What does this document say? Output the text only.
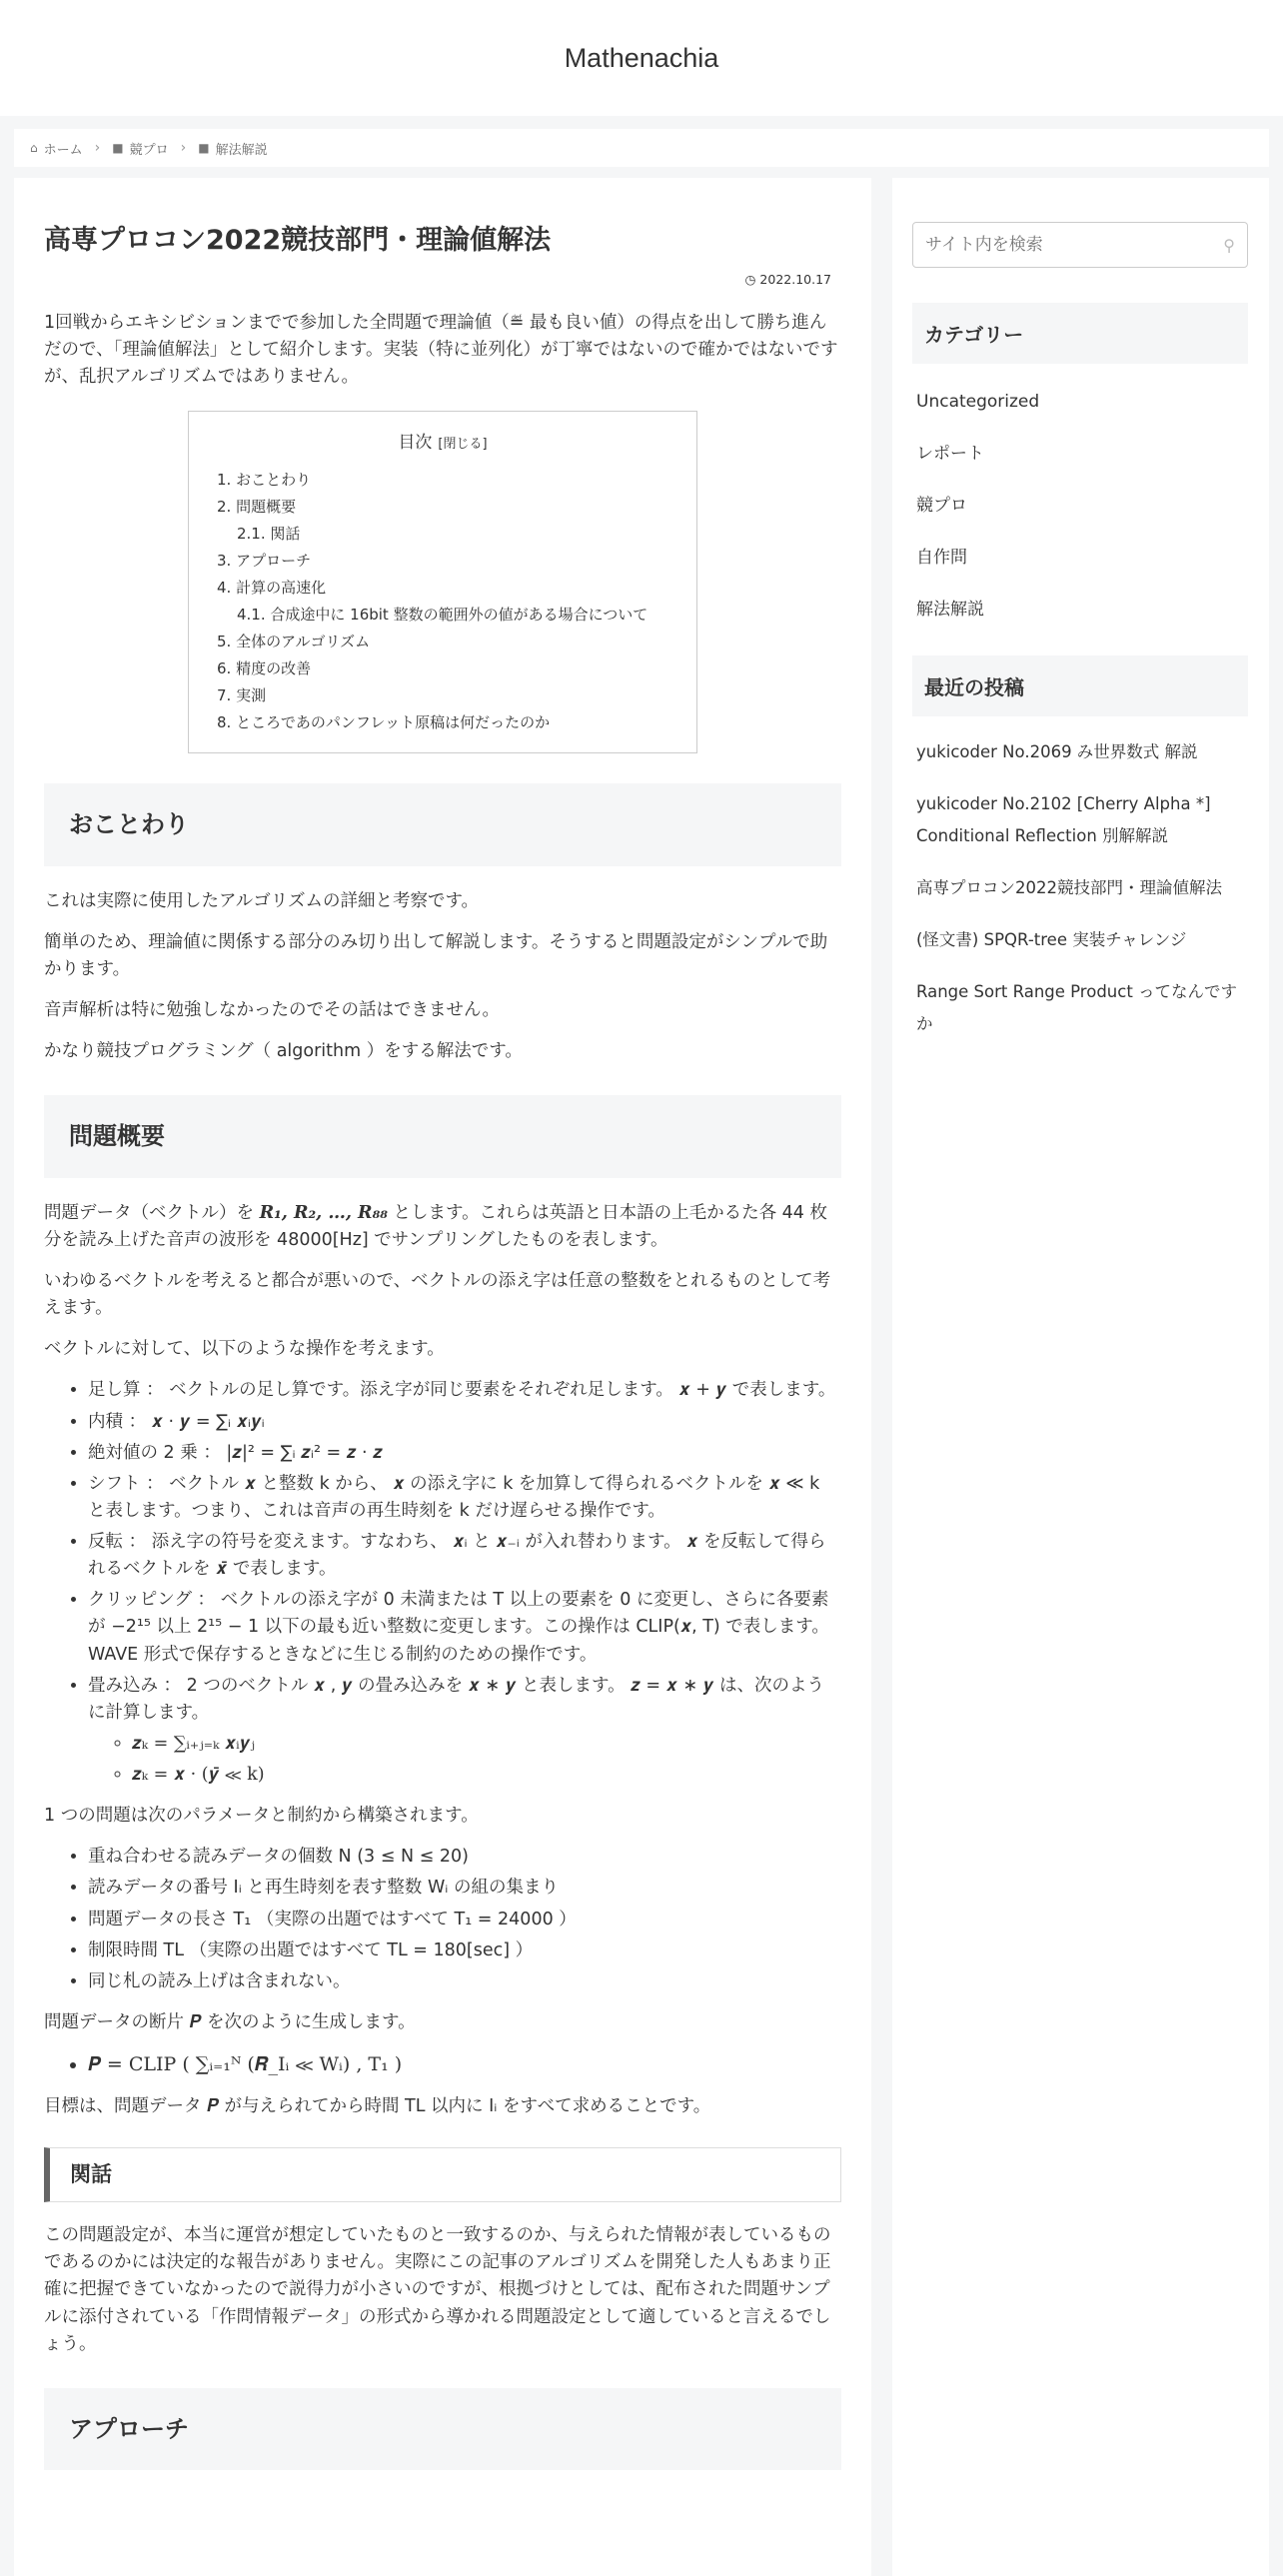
Mathenachia
⌂ ホーム › ■ 競プロ › ■ 解法解説
高専プロコン2022競技部門・理論値解法
◷ 2022.10.17

1回戦からエキシビションまでで参加した全問題で理論値（≝ 最も良い値）の得点を出して勝ち進んだので、「理論値解法」として紹介します。実装（特に並列化）が丁寧ではないので確かではないですが、乱択アルゴリズムではありません。

目次 [閉じる]
1. おことわり
2. 問題概要
2.1. 関話
3. アプローチ
4. 計算の高速化
4.1. 合成途中に 16bit 整数の範囲外の値がある場合について
5. 全体のアルゴリズム
6. 精度の改善
7. 実測
8. ところであのパンフレット原稿は何だったのか
おことわり

これは実際に使用したアルゴリズムの詳細と考察です。

簡単のため、理論値に関係する部分のみ切り出して解説します。そうすると問題設定がシンプルで助かります。

音声解析は特に勉強しなかったのでその話はできません。

かなり競技プログラミング（ algorithm ）をする解法です。

問題概要

問題データ（ベクトル）を R₁, R₂, …, R₈₈ とします。これらは英語と日本語の上毛かるた各 44 枚分を読み上げた音声の波形を 48000[Hz] でサンプリングしたものを表します。

いわゆるベクトルを考えると都合が悪いので、ベクトルの添え字は任意の整数をとれるものとして考えます。

ベクトルに対して、以下のような操作を考えます。

• 足し算 ： ベクトルの足し算です。添え字が同じ要素をそれぞれ足します。 𝒙 + 𝒚 で表します。
• 内積 ： 𝒙 · 𝒚 = ∑ᵢ 𝒙ᵢ𝒚ᵢ
• 絶対値の 2 乗 ： |𝒛|² = ∑ᵢ 𝒛ᵢ² = 𝒛 · 𝒛
• シフト ： ベクトル 𝒙 と整数 k から、 𝒙 の添え字に k を加算して得られるベクトルを 𝒙 ≪ k と表します。つまり、これは音声の再生時刻を k だけ遅らせる操作です。
• 反転 ： 添え字の符号を変えます。すなわち、 𝒙ᵢ と 𝒙₋ᵢ が入れ替わります。 𝒙 を反転して得られるベクトルを 𝒙̄ で表します。
• クリッピング ： ベクトルの添え字が 0 未満または T 以上の要素を 0 に変更し、さらに各要素が −2¹⁵ 以上 2¹⁵ − 1 以下の最も近い整数に変更します。この操作は CLIP(𝒙, T) で表します。 WAVE 形式で保存するときなどに生じる制約のための操作です。
• 畳み込み ： 2 つのベクトル 𝒙 , 𝒚 の畳み込みを 𝒙 ∗ 𝒚 と表します。 𝒛 = 𝒙 ∗ 𝒚 は、次のように計算します。
◦ 𝒛ₖ = ∑ᵢ₊ⱼ₌ₖ 𝒙ᵢ𝒚ⱼ
◦ 𝒛ₖ = 𝒙 · (𝒚̄ ≪ k)

1 つの問題は次のパラメータと制約から構築されます。

• 重ね合わせる読みデータの個数 N (3 ≤ N ≤ 20)
• 読みデータの番号 Iᵢ と再生時刻を表す整数 Wᵢ の組の集まり
• 問題データの長さ T₁ （実際の出題ではすべて T₁ = 24000 ）
• 制限時間 TL （実際の出題ではすべて TL = 180[sec] ）
• 同じ札の読み上げは含まれない。

問題データの断片 𝑷 を次のように生成します。

• 𝑷 = CLIP ( ∑ᵢ₌₁ᴺ (𝑹_Iᵢ ≪ Wᵢ) , T₁ )

目標は、問題データ 𝑷 が与えられてから時間 TL 以内に Iᵢ をすべて求めることです。

関話

この問題設定が、本当に運営が想定していたものと一致するのか、与えられた情報が表しているものであるのかには決定的な報告がありません。実際にこの記事のアルゴリズムを開発した人もあまり正確に把握できていなかったので説得力が小さいのですが、根拠づけとしては、配布された問題サンプルに添付されている「作問情報データ」の形式から導かれる問題設定として適していると言えるでしょう。

アプローチ
サイト内を検索
⚲
カテゴリー
Uncategorized
レポート
競プロ
自作問
解法解説
最近の投稿
yukicoder No.2069 み世界数式 解説
yukicoder No.2102 [Cherry Alpha *] Conditional Reflection 別解解説
高専プロコン2022競技部門・理論値解法
(怪文書) SPQR-tree 実装チャレンジ
Range Sort Range Product ってなんですか
